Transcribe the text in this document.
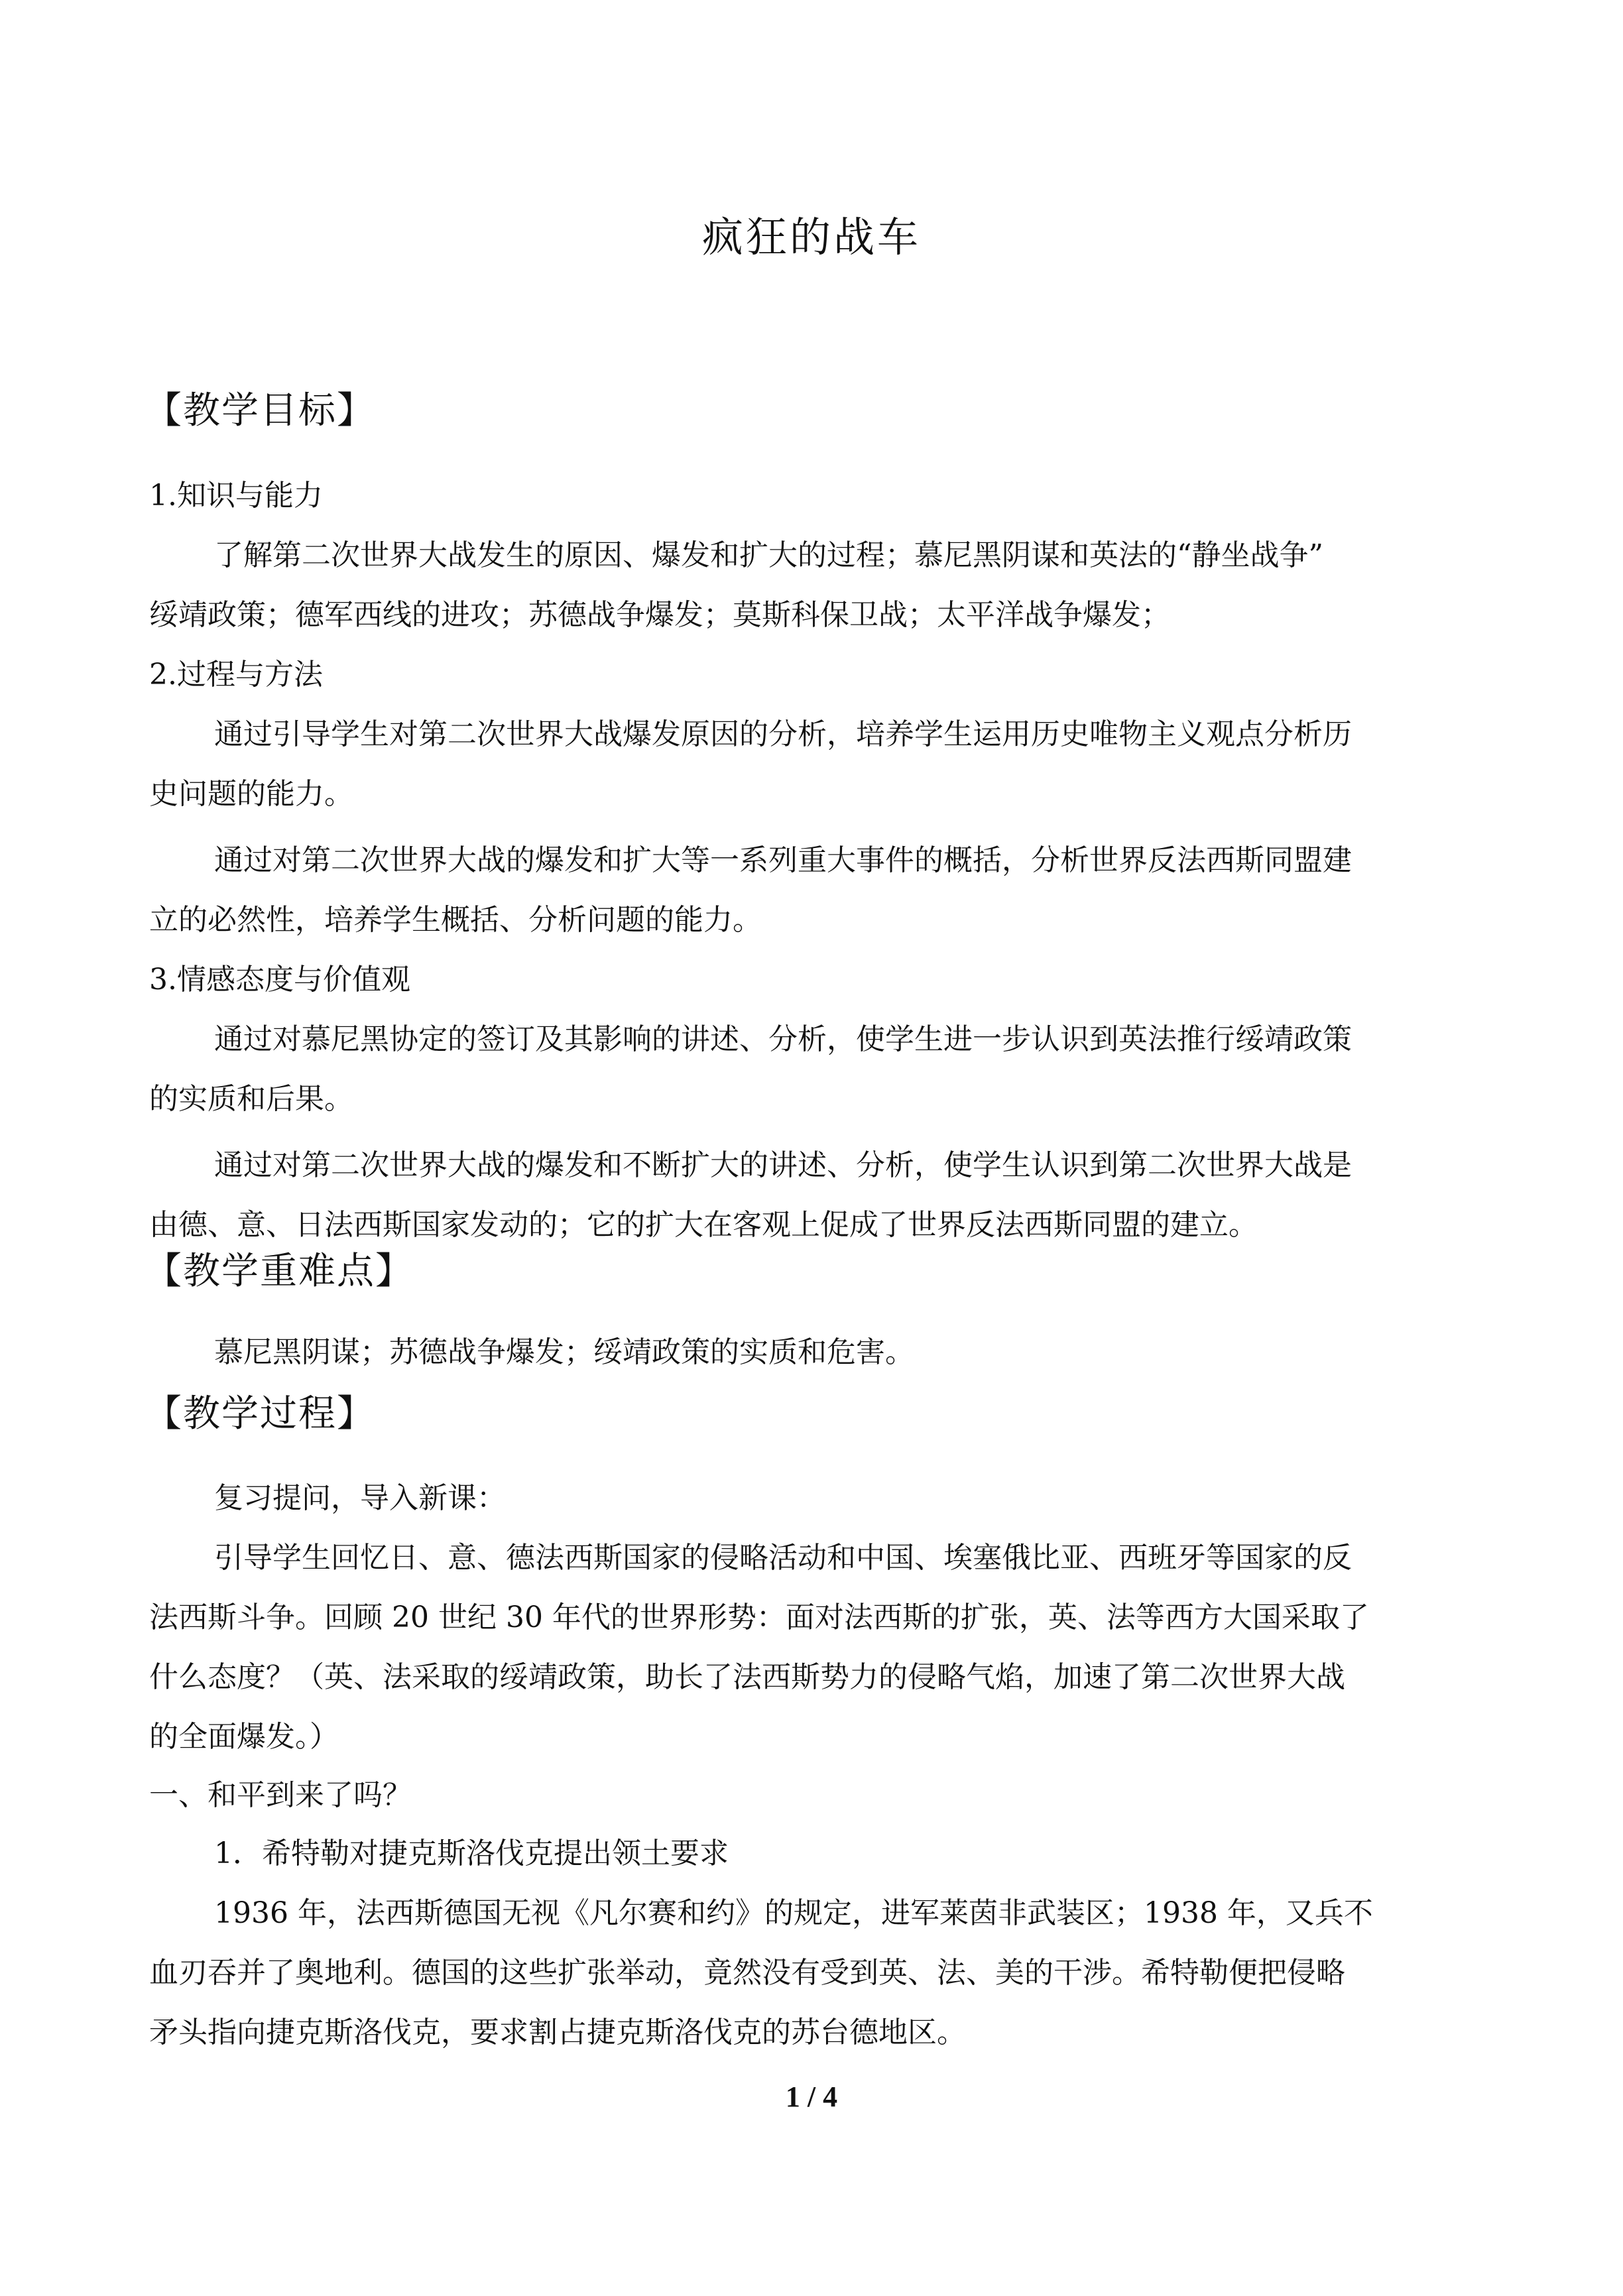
疯狂的战车
【教学目标】
1.知识与能力
了解第二次世界大战发生的原因、爆发和扩大的过程；慕尼黑阴谋和英法的“静坐战争”
绥靖政策；德军西线的进攻；苏德战争爆发；莫斯科保卫战；太平洋战争爆发；
2.过程与方法
通过引导学生对第二次世界大战爆发原因的分析，培养学生运用历史唯物主义观点分析历
史问题的能力。
通过对第二次世界大战的爆发和扩大等一系列重大事件的概括，分析世界反法西斯同盟建
立的必然性，培养学生概括、分析问题的能力。
3.情感态度与价值观
通过对慕尼黑协定的签订及其影响的讲述、分析，使学生进一步认识到英法推行绥靖政策
的实质和后果。
通过对第二次世界大战的爆发和不断扩大的讲述、分析，使学生认识到第二次世界大战是
由德、意、日法西斯国家发动的；它的扩大在客观上促成了世界反法西斯同盟的建立。
【教学重难点】
慕尼黑阴谋；苏德战争爆发；绥靖政策的实质和危害。
【教学过程】
复习提问，导入新课：
引导学生回忆日、意、德法西斯国家的侵略活动和中国、埃塞俄比亚、西班牙等国家的反
法西斯斗争。回顾 20 世纪 30 年代的世界形势：面对法西斯的扩张，英、法等西方大国采取了
什么态度？（英、法采取的绥靖政策，助长了法西斯势力的侵略气焰，加速了第二次世界大战
的全面爆发。）
一、和平到来了吗？
1．希特勒对捷克斯洛伐克提出领土要求
1936 年，法西斯德国无视《凡尔赛和约》的规定，进军莱茵非武装区；1938 年，又兵不
血刃吞并了奥地利。德国的这些扩张举动，竟然没有受到英、法、美的干涉。希特勒便把侵略
矛头指向捷克斯洛伐克，要求割占捷克斯洛伐克的苏台德地区。
1 / 4
